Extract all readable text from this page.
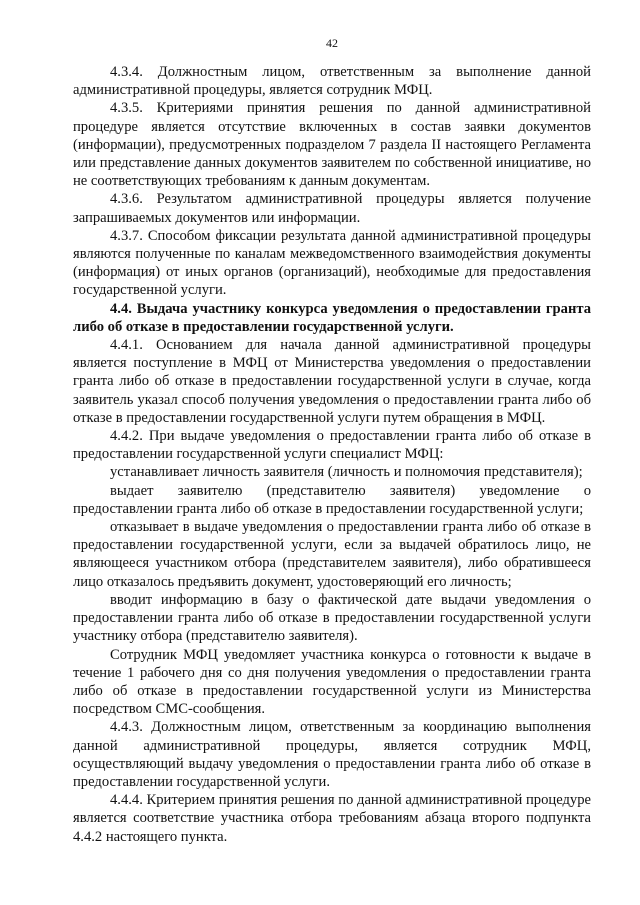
42

4.3.4. Должностным лицом, ответственным за выполнение данной административной процедуры, является сотрудник МФЦ.

4.3.5. Критериями принятия решения по данной административной процедуре является отсутствие включенных в состав заявки документов (информации), предусмотренных подразделом 7 раздела II настоящего Регламента или представление данных документов заявителем по собственной инициативе, но не соответствующих требованиям к данным документам.

4.3.6. Результатом административной процедуры является получение запрашиваемых документов или информации.

4.3.7. Способом фиксации результата данной административной процедуры являются полученные по каналам межведомственного взаимодействия документы (информация) от иных органов (организаций), необходимые для предоставления государственной услуги.

4.4. Выдача участнику конкурса уведомления о предоставлении гранта либо об отказе в предоставлении государственной услуги.

4.4.1. Основанием для начала данной административной процедуры является поступление в МФЦ от Министерства уведомления о предоставлении гранта либо об отказе в предоставлении государственной услуги в случае, когда заявитель указал способ получения уведомления о предоставлении гранта либо об отказе в предоставлении государственной услуги путем обращения в МФЦ.

4.4.2. При выдаче уведомления о предоставлении гранта либо об отказе в предоставлении государственной услуги специалист МФЦ:

устанавливает личность заявителя (личность и полномочия представителя);

выдает заявителю (представителю заявителя) уведомление о предоставлении гранта либо об отказе в предоставлении государственной услуги;

отказывает в выдаче уведомления о предоставлении гранта либо об отказе в предоставлении государственной услуги, если за выдачей обратилось лицо, не являющееся участником отбора (представителем заявителя), либо обратившееся лицо отказалось предъявить документ, удостоверяющий его личность;

вводит информацию в базу о фактической дате выдачи уведомления о предоставлении гранта либо об отказе в предоставлении государственной услуги участнику отбора (представителю заявителя).

Сотрудник МФЦ уведомляет участника конкурса о готовности к выдаче в течение 1 рабочего дня со дня получения уведомления о предоставлении гранта либо об отказе в предоставлении государственной услуги из Министерства посредством СМС-сообщения.

4.4.3. Должностным лицом, ответственным за координацию выполнения данной административной процедуры, является сотрудник МФЦ, осуществляющий выдачу уведомления о предоставлении гранта либо об отказе в предоставлении государственной услуги.

4.4.4. Критерием принятия решения по данной административной процедуре является соответствие участника отбора требованиям абзаца второго подпункта 4.4.2 настоящего пункта.
